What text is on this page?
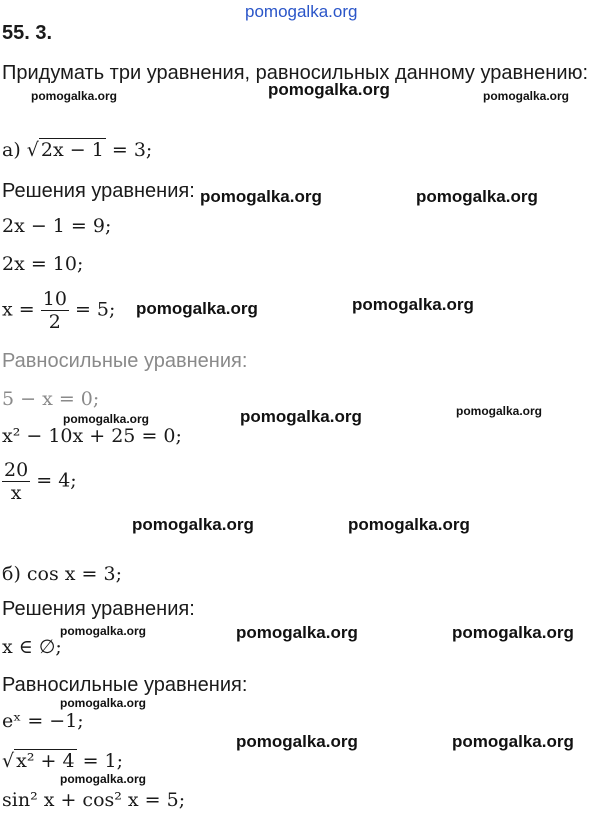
pomogalka.org
55. 3.
Придумать три уравнения, равносильных данному уравнению:
pomogalka.org	pomogalka.org	pomogalka.org
а) √ 2x − 1 = 3;
Решения уравнения: pomogalka.org	pomogalka.org
2x − 1 = 9;
2x = 10;
$x = \frac{10}{2} = 5$; pomogalka.org	pomogalka.org
Равносильные уравнения:
5 − x = 0;
pomogalka.org	pomogalka.org	pomogalka.org
x² − 10x + 25 = 0;
$\frac{20}{x} = 4$;
pomogalka.org	pomogalka.org
б) cos x = 3;
Решения уравнения:
pomogalka.org	pomogalka.org	pomogalka.org
x ∈ ∅;
Равносильные уравнения:
pomogalka.org
eˣ = −1;
pomogalka.org	pomogalka.org
√ x² + 4 = 1;
pomogalka.org
sin² x + cos² x = 5;
